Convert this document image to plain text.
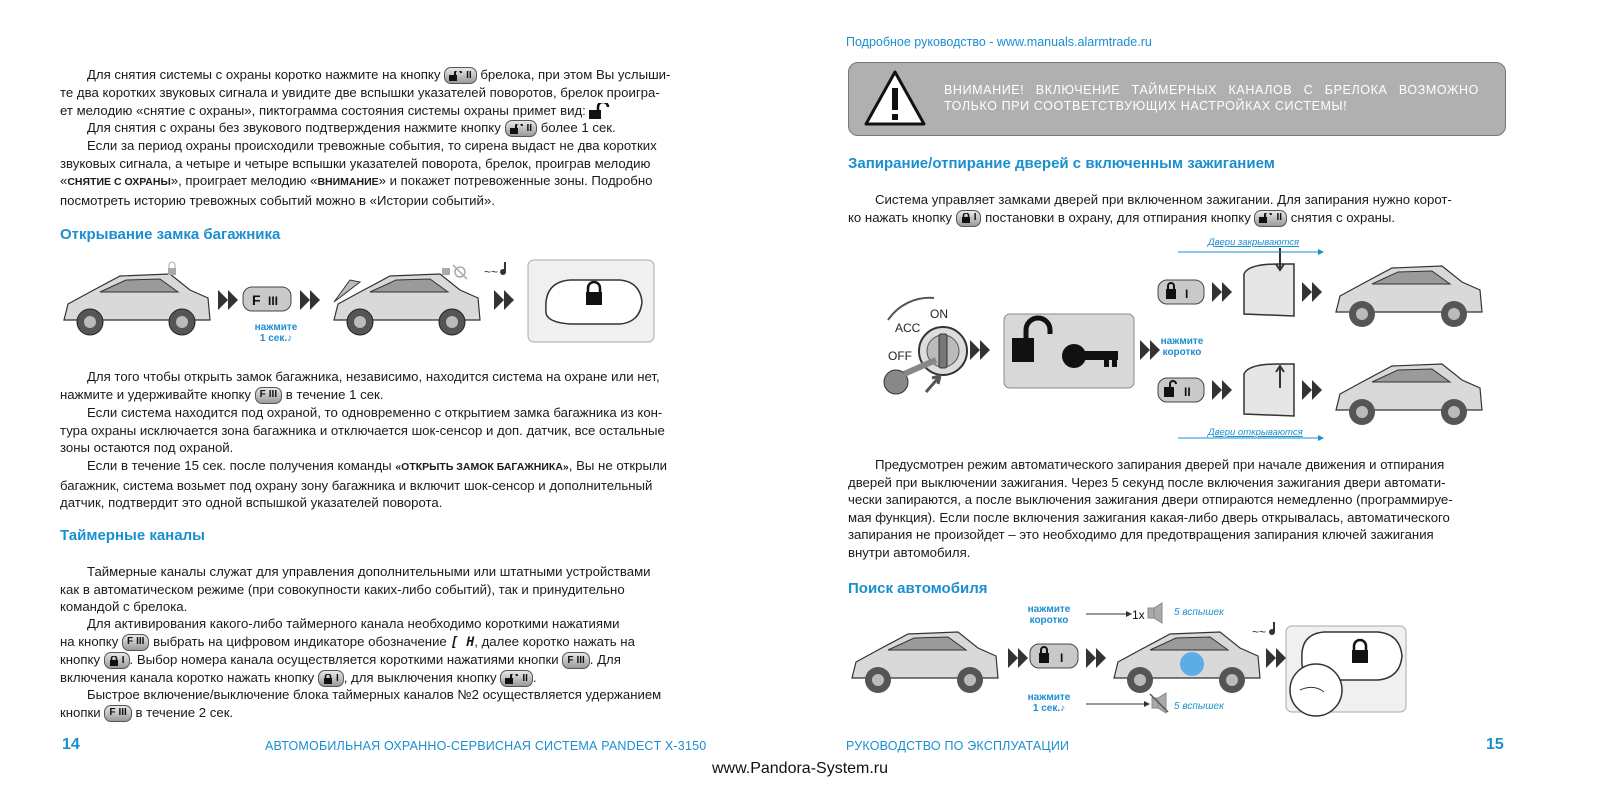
Для снятия системы с охраны коротко нажмите на кнопку	II брелока, при этом Вы услыши-
те два коротких звуковых сигнала и увидите две вспышки указателей поворотов, брелок проигра-
ет мелодию «снятие с охраны», пиктограмма состояния системы охраны примет вид:
Для снятия с охраны без звукового подтверждения нажмите кнопку	II более 1 сек.
Если за период охраны происходили тревожные события, то сирена выдаст не два коротких
звуковых сигнала, а четыре и четыре вспышки указателей поворота, брелок, проиграв мелодию
«СНЯТИЕ С ОХРАНЫ», проиграет мелодию «ВНИМАНИЕ» и покажет потревоженные зоны. Подробно
посмотреть историю тревожных событий можно в «Истории событий».
Открывание замка багажника
F III
~~
нажмите
1 сек.♪
Для того чтобы открыть замок багажника, независимо, находится система на охране или нет,
нажмите и удерживайте кнопку F III в течение 1 сек.
Если система находится под охраной, то одновременно с открытием замка багажника из кон-
тура охраны исключается зона багажника и отключается шок-сенсор и доп. датчик, все остальные
зоны остаются под охраной.
Если в течение 15 сек. после получения команды «ОТКРЫТЬ ЗАМОК БАГАЖНИКА», Вы не открыли
багажник, система возьмет под охрану зону багажника и включит шок-сенсор и дополнительный
датчик, подтвердит это одной вспышкой указателей поворота.
Таймерные каналы
Таймерные каналы служат для управления дополнительными или штатными устройствами
как в автоматическом режиме (при совокупности каких-либо событий), так и принудительно
командой с брелока.
Для активирования какого-либо таймерного канала необходимо короткими нажатиями
на кнопку F III выбрать на цифровом индикаторе обозначение [ H, далее коротко нажать на
кнопку I . Выбор номера канала осуществляется короткими нажатиями кнопки F III . Для
включения канала коротко нажать кнопку I , для выключения кнопку	II .
Быстрое включение/выключение блока таймерных каналов №2 осуществляется удержанием
кнопки F III в течение 2 сек.
14	АВТОМОБИЛЬНАЯ ОХРАННО-СЕРВИСНАЯ СИСТЕМА PANDECT X-3150
Подробное руководство - www.manuals.alarmtrade.ru
ВНИМАНИЕ! ВКЛЮЧЕНИЕ ТАЙМЕРНЫХ КАНАЛОВ С БРЕЛОКА ВОЗМОЖНО ТОЛЬКО ПРИ СООТВЕТСТВУЮЩИХ НАСТРОЙКАХ СИСТЕМЫ!
Запирание/отпирание дверей с включенным зажиганием
Система управляет замками дверей при включенном зажигании. Для запирания нужно корот-
ко нажать кнопку I постановки в охрану, для отпирания кнопку	II снятия с охраны.
ON
ACC
OFF
I
II
Двери закрываются
Двери открываются
нажмите
коротко
Предусмотрен режим автоматического запирания дверей при начале движения и отпирания
дверей при выключении зажигания. Через 5 секунд после включения зажигания двери автомати-
чески запираются, а после выключения зажигания двери отпираются немедленно (программируе-
мая функция). Если после включения зажигания какая-либо дверь открывалась, автоматического
запирания не произойдет – это необходимо для предотвращения запирания ключей зажигания
внутри автомобиля.
Поиск автомобиля
I
1x
~~
нажмите
коротко
нажмите
1 сек.♪
5 вспышек
5 вспышек
РУКОВОДСТВО ПО ЭКСПЛУАТАЦИИ	15
www.Pandora-System.ru
